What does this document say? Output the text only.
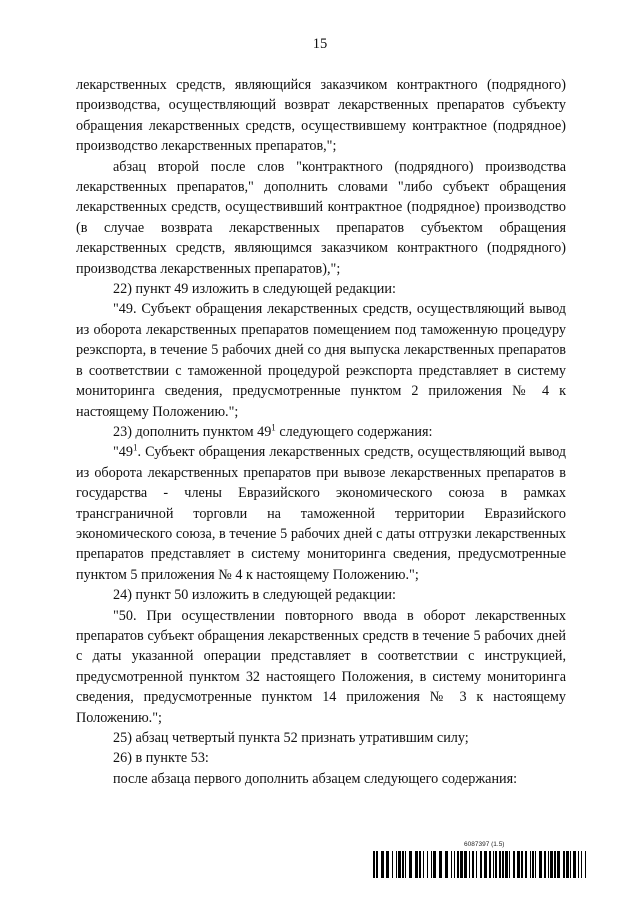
15

лекарственных средств, являющийся заказчиком контрактного (подрядного) производства, осуществляющий возврат лекарственных препаратов субъекту обращения лекарственных средств, осуществившему контрактное (подрядное) производство лекарственных препаратов,";

абзац второй после слов "контрактного (подрядного) производства лекарственных препаратов," дополнить словами "либо субъект обращения лекарственных средств, осуществивший контрактное (подрядное) производство (в случае возврата лекарственных препаратов субъектом обращения лекарственных средств, являющимся заказчиком контрактного (подрядного) производства лекарственных препаратов),";

22) пункт 49 изложить в следующей редакции:

"49. Субъект обращения лекарственных средств, осуществляющий вывод из оборота лекарственных препаратов помещением под таможенную процедуру реэкспорта, в течение 5 рабочих дней со дня выпуска лекарственных препаратов в соответствии с таможенной процедурой реэкспорта представляет в систему мониторинга сведения, предусмотренные пунктом 2 приложения № 4 к настоящему Положению.";

23) дополнить пунктом $49^1$ следующего содержания:

"$49^1$. Субъект обращения лекарственных средств, осуществляющий вывод из оборота лекарственных препаратов при вывозе лекарственных препаратов в государства - члены Евразийского экономического союза в рамках трансграничной торговли на таможенной территории Евразийского экономического союза, в течение 5 рабочих дней с даты отгрузки лекарственных препаратов представляет в систему мониторинга сведения, предусмотренные пунктом 5 приложения № 4 к настоящему Положению.";

24) пункт 50 изложить в следующей редакции:

"50. При осуществлении повторного ввода в оборот лекарственных препаратов субъект обращения лекарственных средств в течение 5 рабочих дней с даты указанной операции представляет в соответствии с инструкцией, предусмотренной пунктом 32 настоящего Положения, в систему мониторинга сведения, предусмотренные пунктом 14 приложения № 3 к настоящему Положению.";

25) абзац четвертый пункта 52 признать утратившим силу;

26) в пункте 53:

после абзаца первого дополнить абзацем следующего содержания:

6087397 (1.5)
